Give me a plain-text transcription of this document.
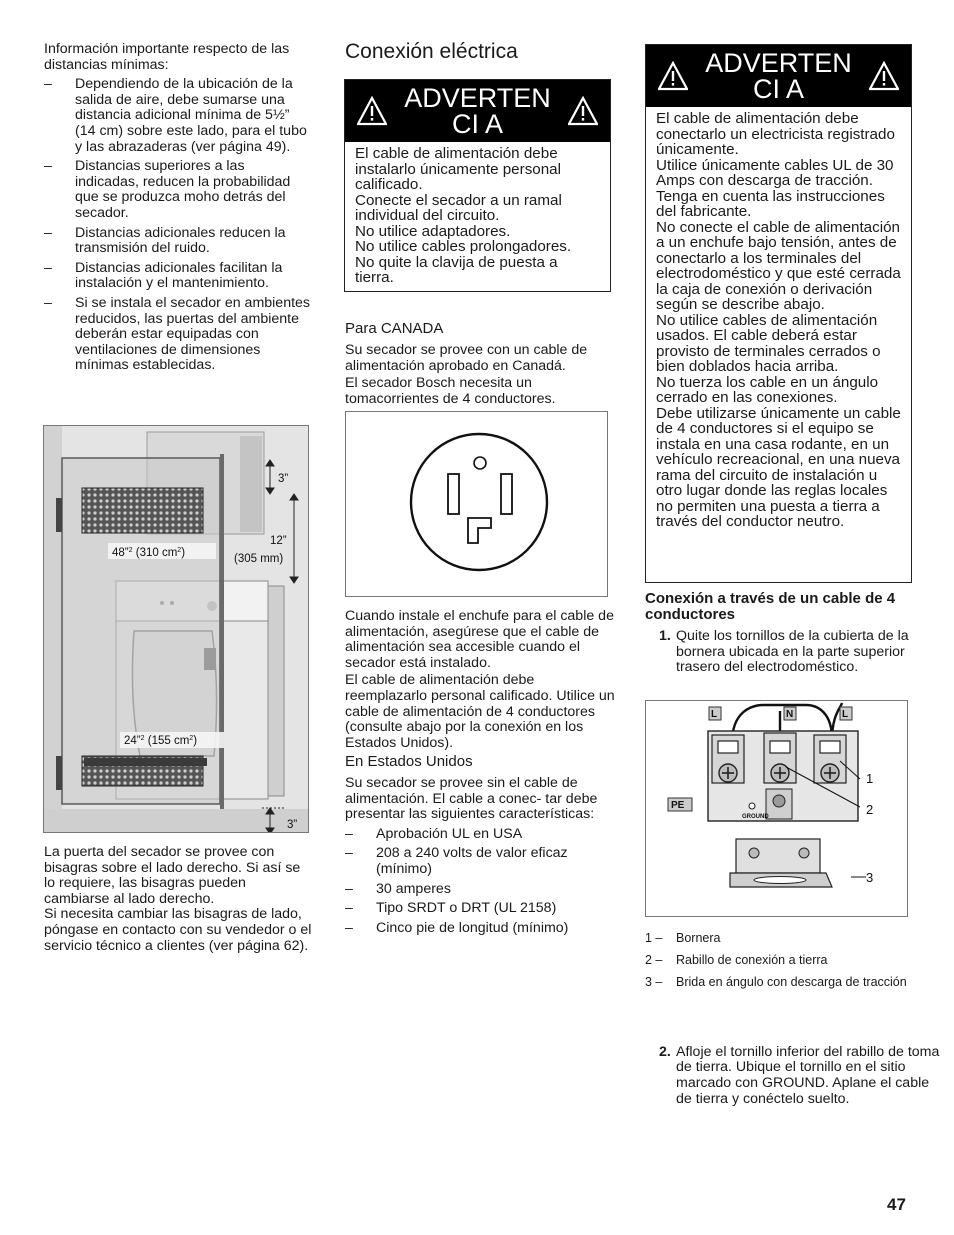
Información importante respecto de las distancias mínimas:

– Dependiendo de la ubicación de la salida de aire, debe sumarse una distancia adicional mínima de 5½” (14 cm) sobre este lado, para el tubo y las abrazaderas (ver página 49).
– Distancias superiores a las indicadas, reducen la probabilidad que se produzca moho detrás del secador.
– Distancias adicionales reducen la transmisión del ruido.
– Distancias adicionales facilitan la instalación y el mantenimiento.
– Si se instala el secador en ambientes reducidos, las puertas del ambiente deberán estar equipadas con ventilaciones de dimensiones mínimas establecidas.
3”
12”
(305 mm)
3”
48”$^2$ (310 $cm^2$)
24”$^2$ (155 $cm^2$)

La puerta del secador se provee con bisagras sobre el lado derecho. Si así se lo requiere, las bisagras pueden cambiarse al lado derecho.

Si necesita cambiar las bisagras de lado, póngase en contacto con su vendedor o el servicio técnico a clientes (ver página 62).

Conexión eléctrica
ADVERTENCI A

El cable de alimentación debe instalarlo únicamente personal calificado.

Conecte el secador a un ramal individual del circuito.

No utilice adaptadores.

No utilice cables prolongadores.

No quite la clavija de puesta a tierra.

Para CANADA

Su secador se provee con un cable de alimentación aprobado en Canadá.

El secador Bosch necesita un tomacorrientes de 4 conductores.

Cuando instale el enchufe para el cable de alimentación, asegúrese que el cable de alimentación sea accesible cuando el secador está instalado.

El cable de alimentación debe reemplazarlo personal calificado. Utilice un cable de alimentación de 4 conductores (consulte abajo por la conexión en los Estados Unidos).

En Estados Unidos

Su secador se provee sin el cable de alimentación. El cable a conec- tar debe presentar las siguientes características:

– Aprobación UL en USA
– 208 a 240 volts de valor eficaz (mínimo)
– 30 amperes
– Tipo SRDT o DRT (UL 2158)
– Cinco pie de longitud (mínimo)
ADVERTENCI A

El cable de alimentación debe conectarlo un electricista registrado únicamente.

Utilice únicamente cables UL de 30 Amps con descarga de tracción. Tenga en cuenta las instrucciones del fabricante.

No conecte el cable de alimentación a un enchufe bajo tensión, antes de conectarlo a los terminales del electrodoméstico y que esté cerrada la caja de conexión o derivación según se describe abajo.

No utilice cables de alimentación usados. El cable deberá estar provisto de terminales cerrados o bien doblados hacia arriba.

No tuerza los cable en un ángulo cerrado en las conexiones.

Debe utilizarse únicamente un cable de 4 conductores si el equipo se instala en una casa rodante, en un vehículo recreacional, en una nueva rama del circuito de instalación u otro lugar donde las reglas locales no permiten una puesta a tierra a través del conductor neutro.

Conexión a través de un cable de 4 conductores
1. Quite los tornillos de la cubierta de la bornera ubicada en la parte superior trasero del electrodoméstico.

L	N	L
PE
GROUND
1
2
3
1 – Bornera
2 – Rabillo de conexión a tierra
3 – Brida en ángulo con descarga de tracción
2. Afloje el tornillo inferior del rabillo de toma de tierra. Ubique el tornillo en el sitio marcado con GROUND. Aplane el cable de tierra y conéctelo suelto.

47
